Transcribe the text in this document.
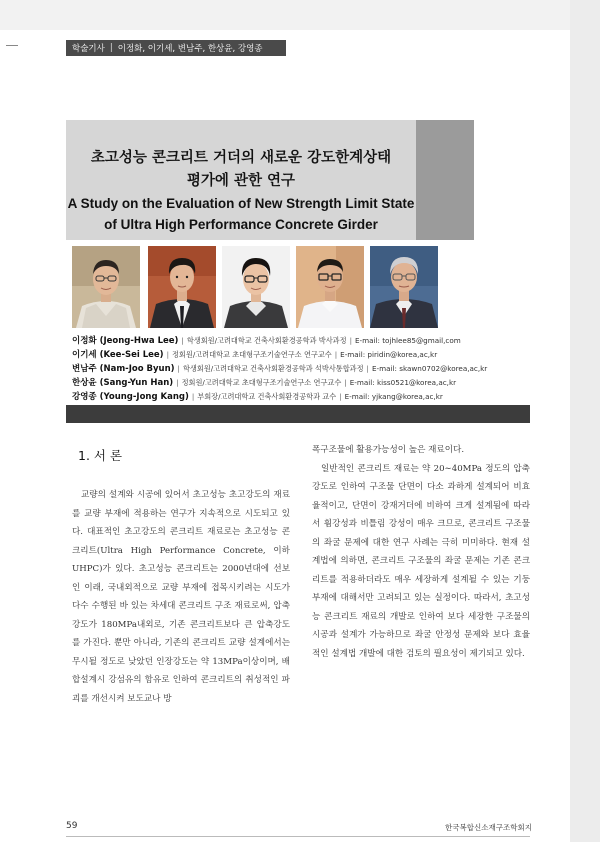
학술기사 | 이정화, 이기세, 변남주, 한상윤, 강영종
초고성능 콘크리트 거더의 새로운 강도한계상태
평가에 관한 연구
A Study on the Evaluation of New Strength Limit State
of Ultra High Performance Concrete Girder
이정화 (Jeong-Hwa Lee) | 학생회원/고려대학교 건축사회환경공학과 박사과정 | E-mail: tojhlee85@gmail,com
이기세 (Kee-Sei Lee) | 정회원/고려대학교 초대형구조기술연구소 연구교수 | E-mail: piridin@korea,ac,kr
변남주 (Nam-Joo Byun) | 학생회원/고려대학교 건축사회환경공학과 석박사통합과정 | E-mail: skawn0702@korea,ac,kr
한상윤 (Sang-Yun Han) | 정회원/고려대학교 초대형구조기술연구소 연구교수 | E-mail: kiss0521@korea,ac,kr
강영종 (Young-Jong Kang) | 부회장/고려대학교 건축사회환경공학과 교수 | E-mail: yjkang@korea,ac,kr
1. 서 론

교량의 설계와 시공에 있어서 초고성능 초고강도의 재료를 교량 부재에 적용하는 연구가 지속적으로 시도되고 있다. 대표적인 초고강도의 콘크리트 재료로는 초고성능 콘크리트(Ultra High Performance Concrete, 이하 UHPC)가 있다. 초고성능 콘크리트는 2000년대에 선보인 이래, 국내외적으로 교량 부재에 접목시키려는 시도가 다수 수행된 바 있는 차세대 콘크리트 구조 재료로써, 압축강도가 180MPa내외로, 기존 콘크리트보다 큰 압축강도를 가진다. 뿐만 아니라, 기존의 콘크리트 교량 설계에서는 무시될 정도로 낮았던 인장강도는 약 13MPa이상이며, 배합설계시 강섬유의 함유로 인하여 콘크리트의 취성적인 파괴를 개선시켜 보도교나 방

폭구조물에 활용가능성이 높은 재료이다.

일반적인 콘크리트 재료는 약 20∼40MPa 정도의 압축강도로 인하여 구조물 단면이 다소 과하게 설계되어 비효율적이고, 단면이 강재거더에 비하여 크게 설계됨에 따라서 휨강성과 비틀림 강성이 매우 크므로, 콘크리트 구조물의 좌굴 문제에 대한 연구 사례는 극히 미미하다. 현재 설계법에 의하면, 콘크리트 구조물의 좌굴 문제는 기존 콘크리트를 적용하더라도 매우 세장하게 설계될 수 있는 기둥 부재에 대해서만 고려되고 있는 실정이다. 따라서, 초고성능 콘크리트 재료의 개발로 인하여 보다 세장한 구조물의 시공과 설계가 가능하므로 좌굴 안정성 문제와 보다 효율적인 설계법 개발에 대한 검토의 필요성이 제기되고 있다.

59	한국복합신소재구조학회지
